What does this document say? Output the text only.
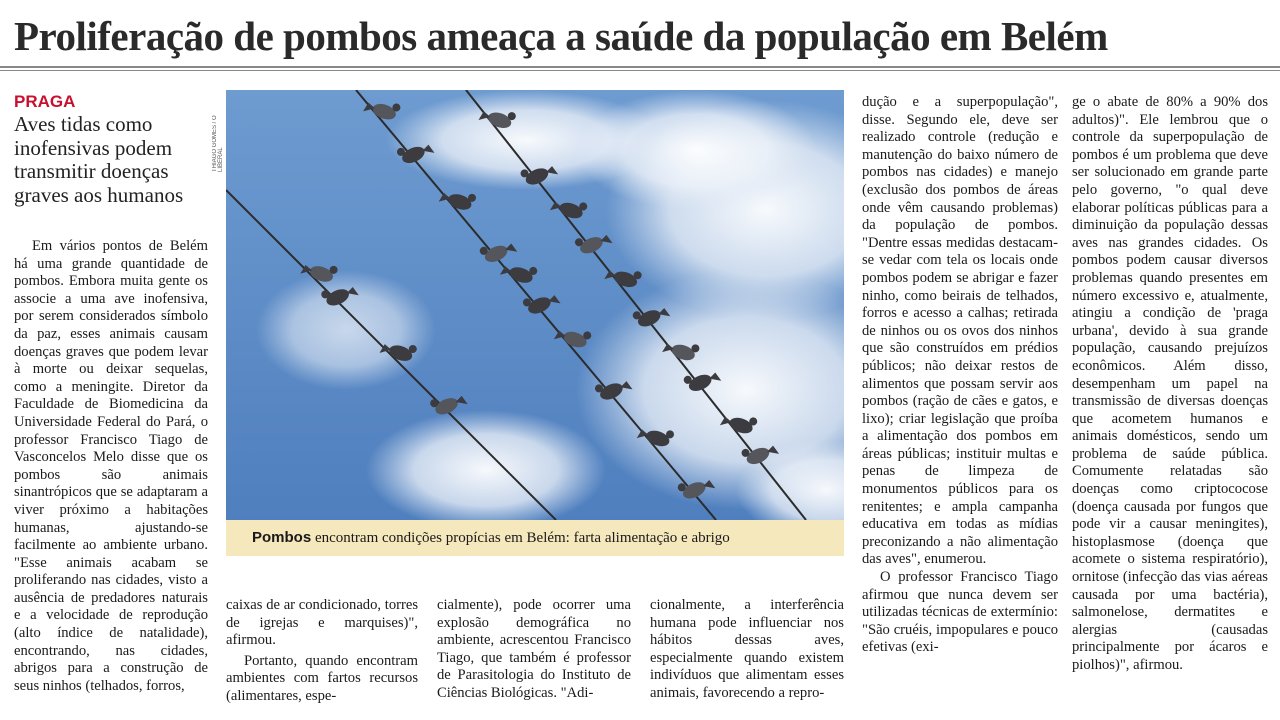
Proliferação de pombos ameaça a saúde da população em Belém
PRAGA
Aves tidas como inofensivas podem transmitir doenças graves aos humanos

Em vários pontos de Belém há uma grande quantidade de pombos. Embora muita gente os associe a uma ave inofensiva, por serem considerados símbolo da paz, esses animais causam doenças graves que podem levar à morte ou deixar sequelas, como a meningite. Diretor da Faculdade de Biomedicina da Universidade Federal do Pará, o professor Francisco Tiago de Vasconcelos Melo disse que os pombos são animais sinantrópicos que se adaptaram a viver próximo a habitações humanas, ajustando-se facilmente ao ambiente urbano. "Esse animais acabam se proliferando nas cidades, visto a ausência de predadores naturais e a velocidade de reprodução (alto índice de natalidade), encontrando, nas cidades, abrigos para a construção de seus ninhos (telhados, forros,

THIAGO GOMES / O LIBERAL
Pombos encontram condições propícias em Belém: farta alimentação e abrigo

caixas de ar condicionado, torres de igrejas e marquises)", afirmou.

Portanto, quando encontram ambientes com fartos recursos (alimentares, espe-

cialmente), pode ocorrer uma explosão demográfica no ambiente, acrescentou Francisco Tiago, que também é professor de Parasitologia do Instituto de Ciências Biológicas. "Adi-

cionalmente, a interferência humana pode influenciar nos hábitos dessas aves, especialmente quando existem indivíduos que alimentam esses animais, favorecendo a repro-

dução e a superpopulação", disse. Segundo ele, deve ser realizado controle (redução e manutenção do baixo número de pombos nas cidades) e manejo (exclusão dos pombos de áreas onde vêm causando problemas) da população de pombos. "Dentre essas medidas destacam-se vedar com tela os locais onde pombos podem se abrigar e fazer ninho, como beirais de telhados, forros e acesso a calhas; retirada de ninhos ou os ovos dos ninhos que são construídos em prédios públicos; não deixar restos de alimentos que possam servir aos pombos (ração de cães e gatos, e lixo); criar legislação que proíba a alimentação dos pombos em áreas públicas; instituir multas e penas de limpeza de monumentos públicos para os renitentes; e ampla campanha educativa em todas as mídias preconizando a não alimentação das aves", enumerou.

O professor Francisco Tiago afirmou que nunca devem ser utilizadas técnicas de extermínio: "São cruéis, impopulares e pouco efetivas (exi-

ge o abate de 80% a 90% dos adultos)". Ele lembrou que o controle da superpopulação de pombos é um problema que deve ser solucionado em grande parte pelo governo, "o qual deve elaborar políticas públicas para a diminuição da população dessas aves nas grandes cidades. Os pombos podem causar diversos problemas quando presentes em número excessivo e, atualmente, atingiu a condição de 'praga urbana', devido à sua grande população, causando prejuízos econômicos. Além disso, desempenham um papel na transmissão de diversas doenças que acometem humanos e animais domésticos, sendo um problema de saúde pública. Comumente relatadas são doenças como criptococose (doença causada por fungos que pode vir a causar meningites), histoplasmose (doença que acomete o sistema respiratório), ornitose (infecção das vias aéreas causada por uma bactéria), salmonelose, dermatites e alergias (causadas principalmente por ácaros e piolhos)", afirmou.
